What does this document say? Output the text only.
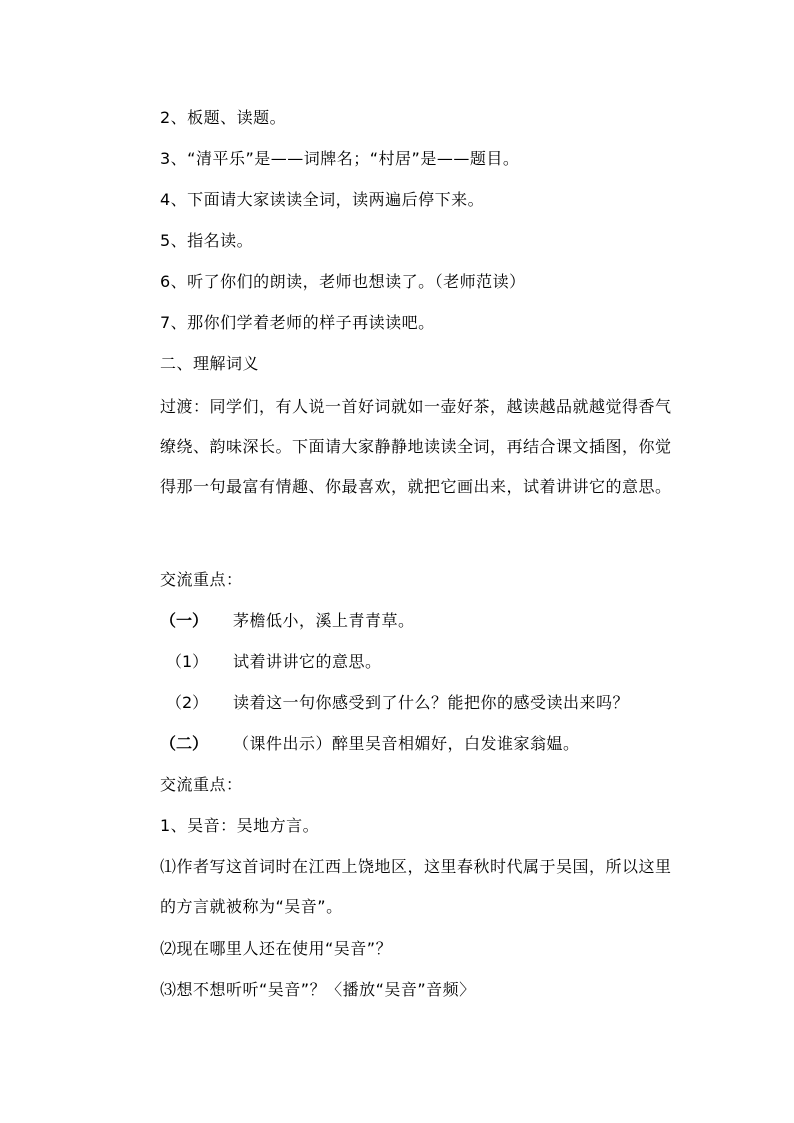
2、板题、读题。
3、“清平乐”是——词牌名；“村居”是——题目。
4、下面请大家读读全词，读两遍后停下来。
5、指名读。
6、听了你们的朗读，老师也想读了。（老师范读）
7、那你们学着老师的样子再读读吧。
二、理解词义
过渡：同学们，有人说一首好词就如一壶好茶，越读越品就越觉得香气缭绕、韵味深长。下面请大家静静地读读全词，再结合课文插图，你觉得那一句最富有情趣、你最喜欢，就把它画出来，试着讲讲它的意思。
交流重点：
（一） 茅檐低小，溪上青青草。
（1） 试着讲讲它的意思。
（2） 读着这一句你感受到了什么？能把你的感受读出来吗？
（二） （课件出示）醉里吴音相媚好，白发谁家翁媪。
交流重点：
1、吴音：吴地方言。
⑴作者写这首词时在江西上饶地区，这里春秋时代属于吴国，所以这里的方言就被称为“吴音”。
⑵现在哪里人还在使用“吴音”？
⑶想不想听听“吴音”？〈播放“吴音”音频〉
